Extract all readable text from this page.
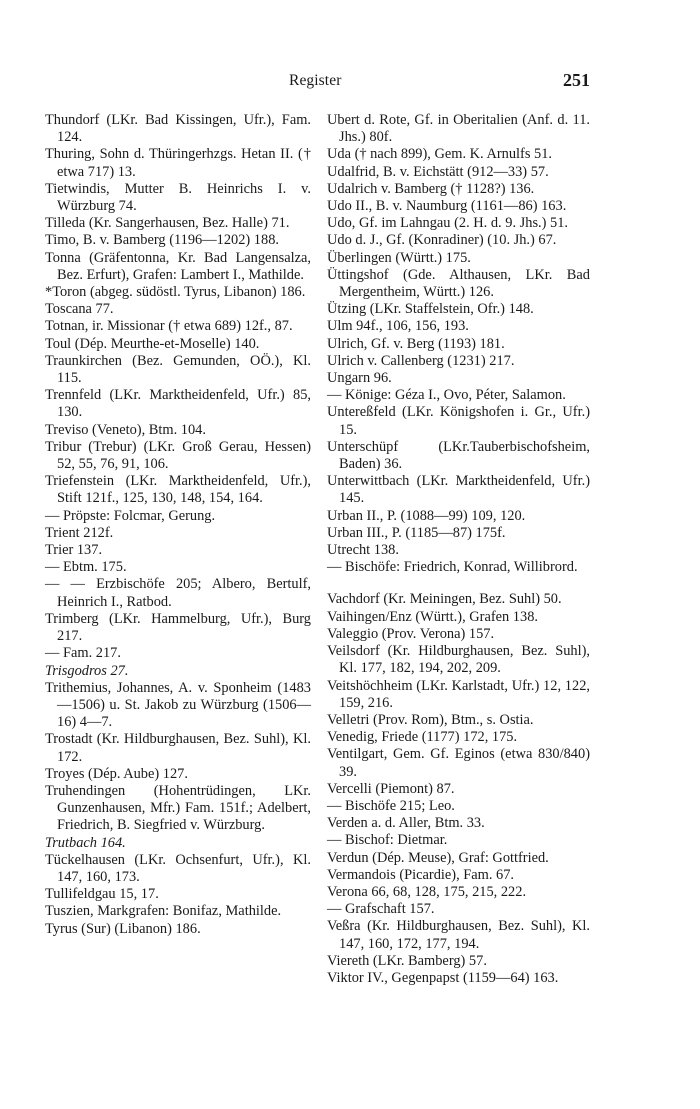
Register	251

Thundorf (LKr. Bad Kissingen, Ufr.), Fam. 124.

Thuring, Sohn d. Thüringerhzgs. Hetan II. († etwa 717) 13.

Tietwindis, Mutter B. Heinrichs I. v. Würzburg 74.

Tilleda (Kr. Sangerhausen, Bez. Halle) 71.

Timo, B. v. Bamberg (1196—1202) 188.

Tonna (Gräfentonna, Kr. Bad Langensalza, Bez. Erfurt), Grafen: Lambert I., Mathilde.

*Toron (abgeg. südöstl. Tyrus, Libanon) 186.

Toscana 77.

Totnan, ir. Missionar († etwa 689) 12f., 87.

Toul (Dép. Meurthe-et-Moselle) 140.

Traunkirchen (Bez. Gemunden, OÖ.), Kl. 115.

Trennfeld (LKr. Marktheidenfeld, Ufr.) 85, 130.

Treviso (Veneto), Btm. 104.

Tribur (Trebur) (LKr. Groß Gerau, Hessen) 52, 55, 76, 91, 106.

Triefenstein (LKr. Marktheidenfeld, Ufr.), Stift 121f., 125, 130, 148, 154, 164.

— Pröpste: Folcmar, Gerung.

Trient 212f.

Trier 137.

— Ebtm. 175.

— — Erzbischöfe 205; Albero, Bertulf, Heinrich I., Ratbod.

Trimberg (LKr. Hammelburg, Ufr.), Burg 217.

— Fam. 217.

Trisgodros 27.

Trithemius, Johannes, A. v. Sponheim (1483—1506) u. St. Jakob zu Würzburg (1506—16) 4—7.

Trostadt (Kr. Hildburghausen, Bez. Suhl), Kl. 172.

Troyes (Dép. Aube) 127.

Truhendingen (Hohentrüdingen, LKr. Gunzenhausen, Mfr.) Fam. 151f.; Adelbert, Friedrich, B. Siegfried v. Würzburg.

Trutbach 164.

Tückelhausen (LKr. Ochsenfurt, Ufr.), Kl. 147, 160, 173.

Tullifeldgau 15, 17.

Tuszien, Markgrafen: Bonifaz, Mathilde.

Tyrus (Sur) (Libanon) 186.

Ubert d. Rote, Gf. in Oberitalien (Anf. d. 11. Jhs.) 80f.

Uda († nach 899), Gem. K. Arnulfs 51.

Udalfrid, B. v. Eichstätt (912—33) 57.

Udalrich v. Bamberg († 1128?) 136.

Udo II., B. v. Naumburg (1161—86) 163.

Udo, Gf. im Lahngau (2. H. d. 9. Jhs.) 51.

Udo d. J., Gf. (Konradiner) (10. Jh.) 67.

Überlingen (Württ.) 175.

Üttingshof (Gde. Althausen, LKr. Bad Mergentheim, Württ.) 126.

Ützing (LKr. Staffelstein, Ofr.) 148.

Ulm 94f., 106, 156, 193.

Ulrich, Gf. v. Berg (1193) 181.

Ulrich v. Callenberg (1231) 217.

Ungarn 96.

— Könige: Géza I., Ovo, Péter, Salamon.

Untereßfeld (LKr. Königshofen i. Gr., Ufr.) 15.

Unterschüpf (LKr.Tauberbischofsheim, Baden) 36.

Unterwittbach (LKr. Marktheidenfeld, Ufr.) 145.

Urban II., P. (1088—99) 109, 120.

Urban III., P. (1185—87) 175f.

Utrecht 138.

— Bischöfe: Friedrich, Konrad, Willibrord.

Vachdorf (Kr. Meiningen, Bez. Suhl) 50.

Vaihingen/Enz (Württ.), Grafen 138.

Valeggio (Prov. Verona) 157.

Veilsdorf (Kr. Hildburghausen, Bez. Suhl), Kl. 177, 182, 194, 202, 209.

Veitshöchheim (LKr. Karlstadt, Ufr.) 12, 122, 159, 216.

Velletri (Prov. Rom), Btm., s. Ostia.

Venedig, Friede (1177) 172, 175.

Ventilgart, Gem. Gf. Eginos (etwa 830/840) 39.

Vercelli (Piemont) 87.

— Bischöfe 215; Leo.

Verden a. d. Aller, Btm. 33.

— Bischof: Dietmar.

Verdun (Dép. Meuse), Graf: Gottfried.

Vermandois (Picardie), Fam. 67.

Verona 66, 68, 128, 175, 215, 222.

— Grafschaft 157.

Veßra (Kr. Hildburghausen, Bez. Suhl), Kl. 147, 160, 172, 177, 194.

Viereth (LKr. Bamberg) 57.

Viktor IV., Gegenpapst (1159—64) 163.
